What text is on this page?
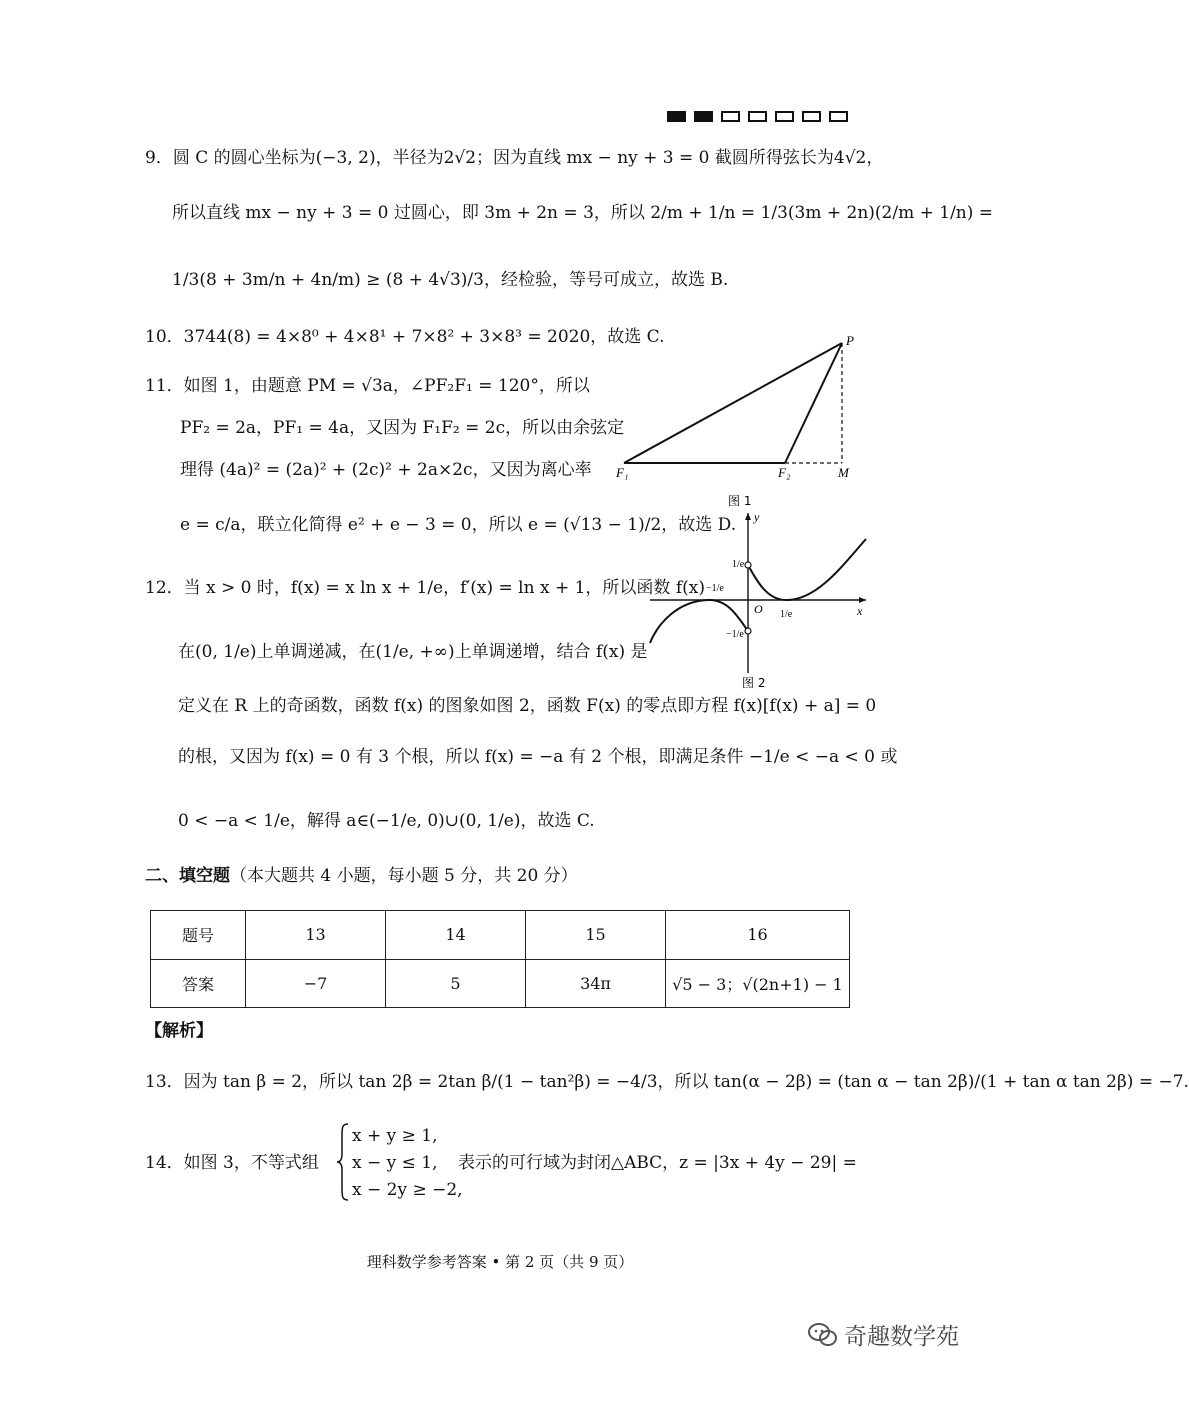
9．圆 C 的圆心坐标为(−3, 2)，半径为2√2；因为直线 mx − ny + 3 = 0 截圆所得弦长为4√2，
所以直线 mx − ny + 3 = 0 过圆心，即 3m + 2n = 3，所以 2/m + 1/n = 1/3(3m + 2n)(2/m + 1/n) =
1/3(8 + 3m/n + 4n/m) ≥ (8 + 4√3)/3，经检验，等号可成立，故选 B.
10．3744(8) = 4×8⁰ + 4×8¹ + 7×8² + 3×8³ = 2020，故选 C.
11．如图 1，由题意 PM = √3a，∠PF₂F₁ = 120°，所以
PF₂ = 2a，PF₁ = 4a，又因为 F₁F₂ = 2c，所以由余弦定
理得 (4a)² = (2a)² + (2c)² + 2a×2c，又因为离心率
e = c/a，联立化简得 e² + e − 3 = 0，所以 e = (√13 − 1)/2，故选 D.
P
F₁	F₂	M
图 1
y
x
O
1/e
−1/e
−1/e
1/e
图 2
12．当 x > 0 时，f(x) = x ln x + 1/e，f′(x) = ln x + 1，所以函数 f(x)
在(0, 1/e)上单调递减，在(1/e, +∞)上单调递增，结合 f(x) 是
定义在 R 上的奇函数，函数 f(x) 的图象如图 2，函数 F(x) 的零点即方程 f(x)[f(x) + a] = 0
的根，又因为 f(x) = 0 有 3 个根，所以 f(x) = −a 有 2 个根，即满足条件 −1/e < −a < 0 或
0 < −a < 1/e，解得 a∈(−1/e, 0)∪(0, 1/e)，故选 C.
二、填空题（本大题共 4 小题，每小题 5 分，共 20 分）
题号	13	14	15	16
答案	−7	5	34π	√5 − 3；√(2n+1) − 1
【解析】
13．因为 tan β = 2，所以 tan 2β = 2tan β/(1 − tan²β) = −4/3，所以 tan(α − 2β) = (tan α − tan 2β)/(1 + tan α tan 2β) = −7.
14．如图 3，不等式组
x + y ≥ 1,
x − y ≤ 1,
x − 2y ≥ −2,
表示的可行域为封闭△ABC，z = |3x + 4y − 29| =
理科数学参考答案 • 第 2 页（共 9 页）
奇趣数学苑
